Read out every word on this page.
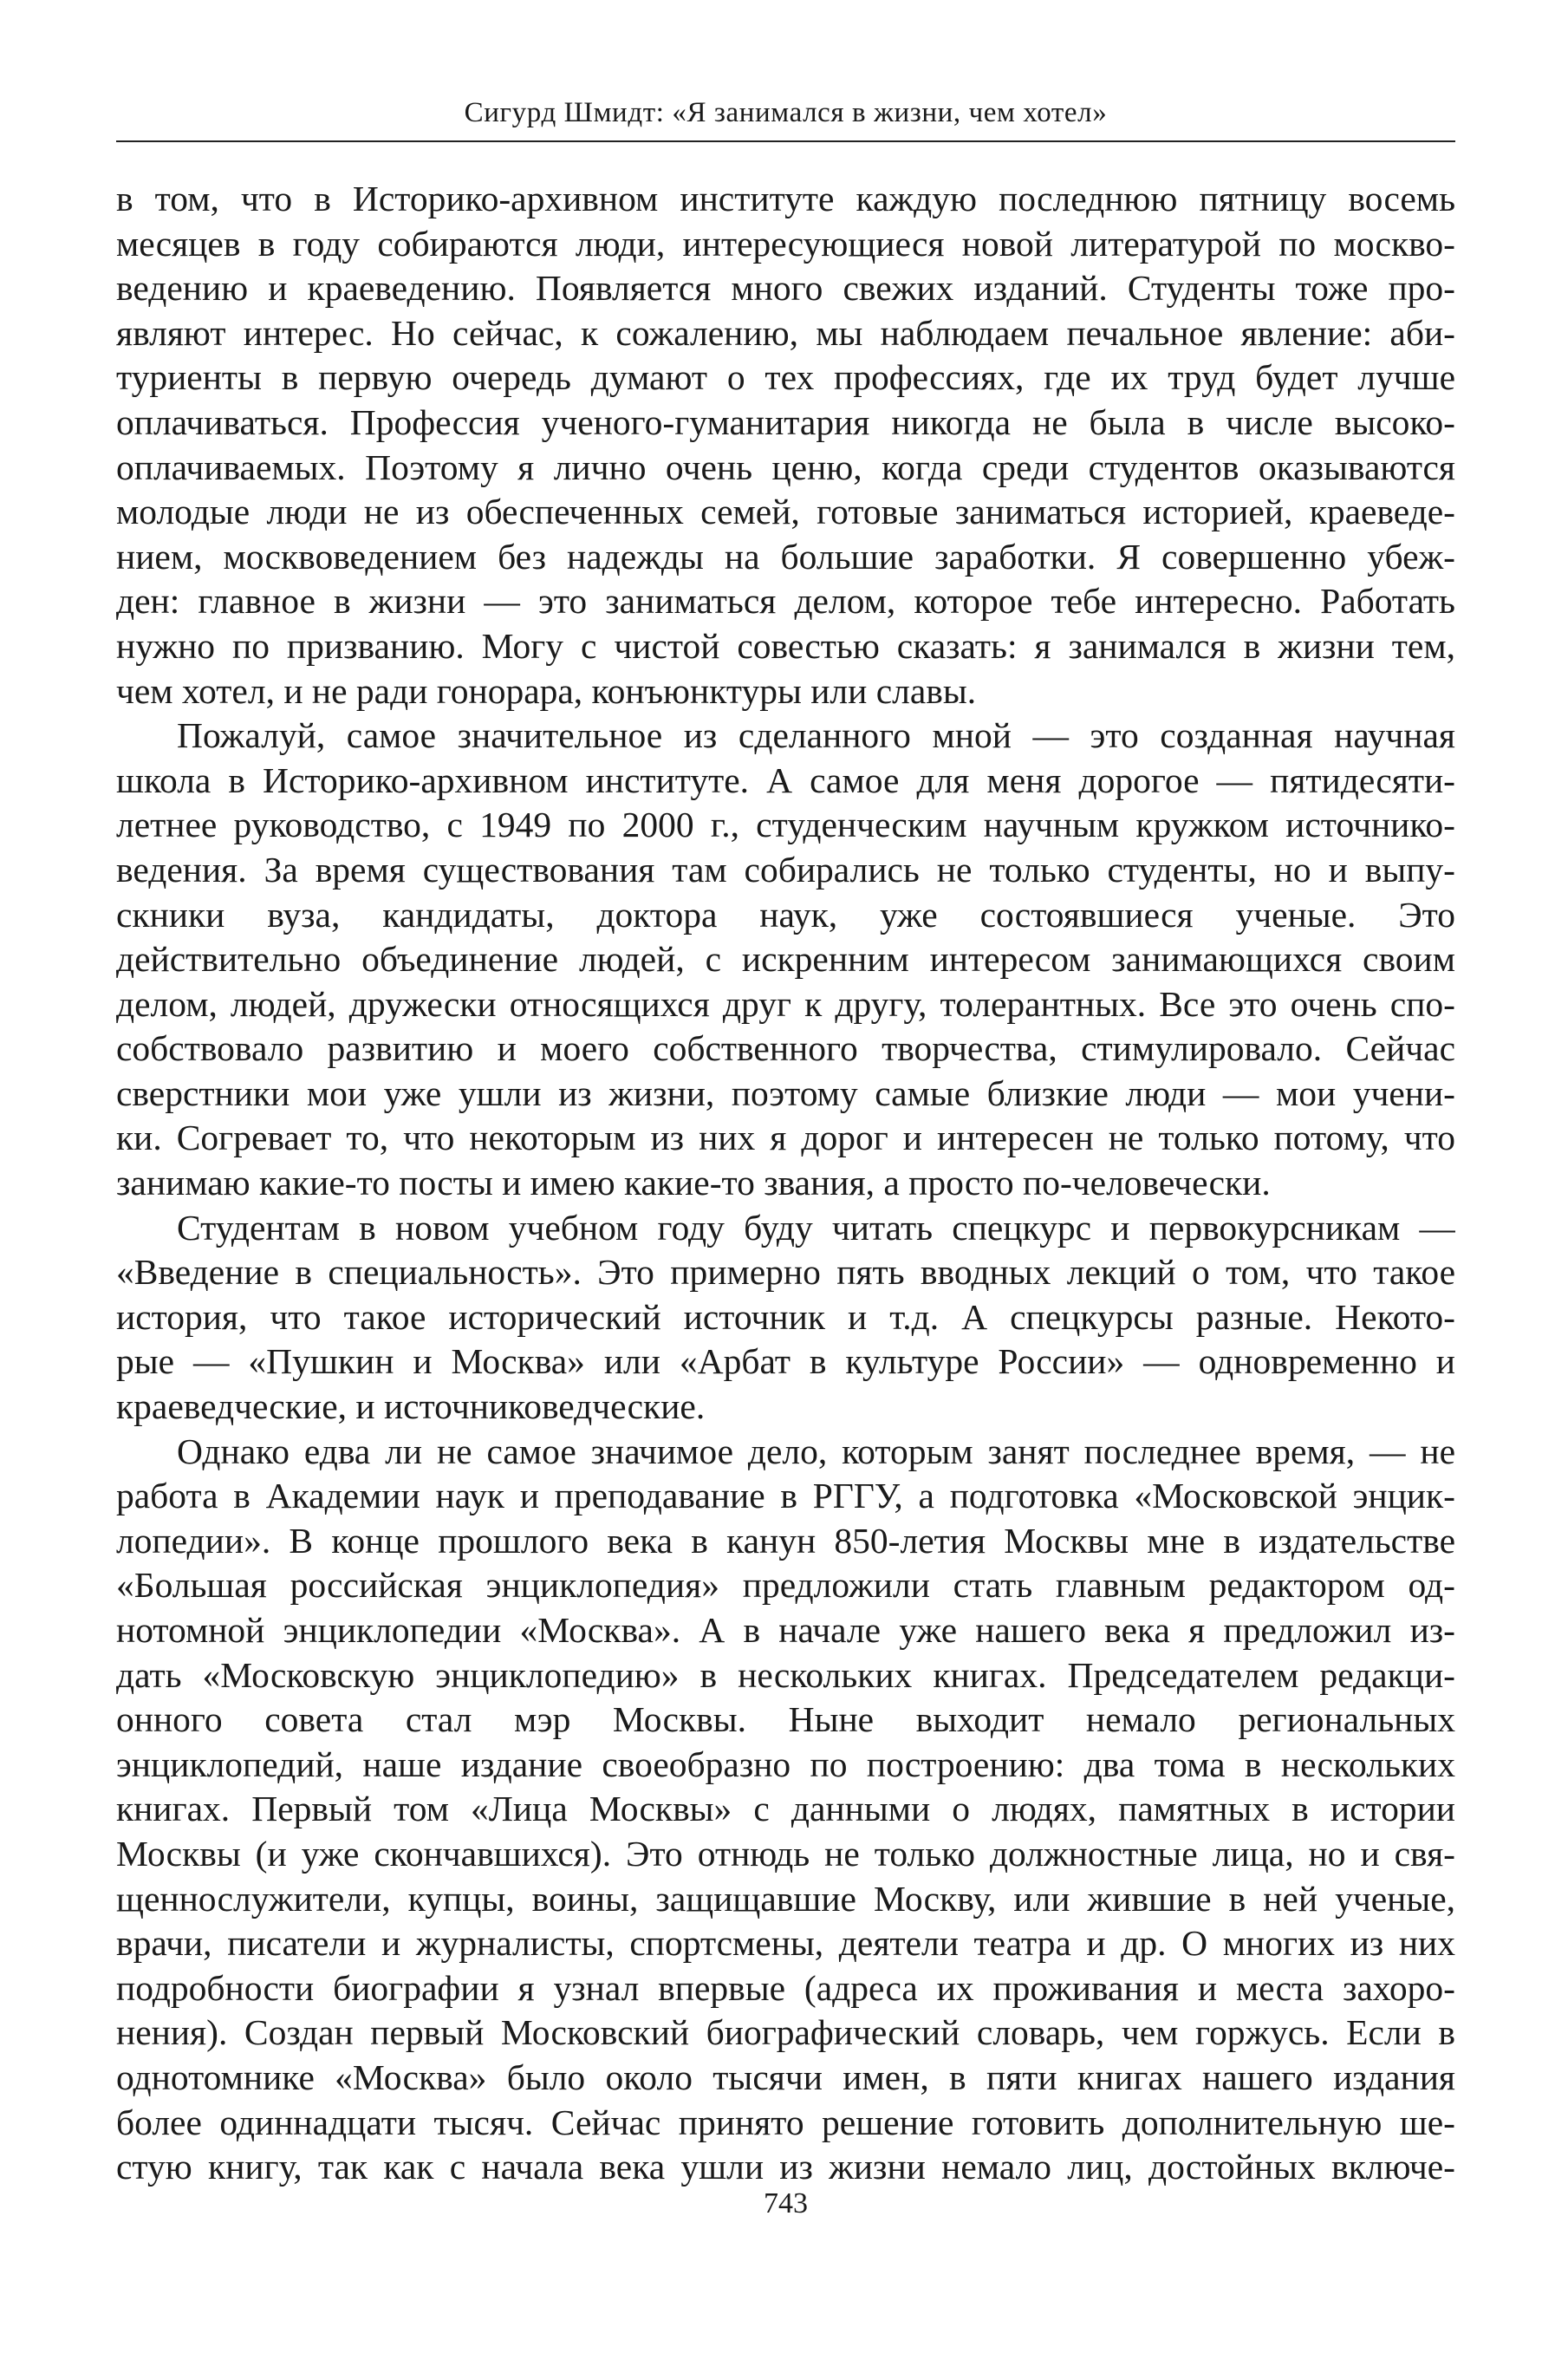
Сигурд Шмидт: «Я занимался в жизни, чем хотел»

в том, что в Историко-архивном институте каждую последнюю пятницу восемь
месяцев в году собираются люди, интересующиеся новой литературой по москво-
ведению и краеведению. Появляется много свежих изданий. Студенты тоже про-
являют интерес. Но сейчас, к сожалению, мы наблюдаем печальное явление: аби-
туриенты в первую очередь думают о тех профессиях, где их труд будет лучше
оплачиваться. Профессия ученого-гуманитария никогда не была в числе высоко-
оплачиваемых. Поэтому я лично очень ценю, когда среди студентов оказываются
молодые люди не из обеспеченных семей, готовые заниматься историей, краеведе-
нием, москвоведением без надежды на большие заработки. Я совершенно убеж-
ден: главное в жизни — это заниматься делом, которое тебе интересно. Работать
нужно по призванию. Могу с чистой совестью сказать: я занимался в жизни тем,
чем хотел, и не ради гонорара, конъюнктуры или славы.

Пожалуй, самое значительное из сделанного мной — это созданная научная
школа в Историко-архивном институте. А самое для меня дорогое — пятидесяти-
летнее руководство, с 1949 по 2000 г., студенческим научным кружком источнико-
ведения. За время существования там собирались не только студенты, но и выпу-
скники вуза, кандидаты, доктора наук, уже состоявшиеся ученые. Это
действительно объединение людей, с искренним интересом занимающихся своим
делом, людей, дружески относящихся друг к другу, толерантных. Все это очень спо-
собствовало развитию и моего собственного творчества, стимулировало. Сейчас
сверстники мои уже ушли из жизни, поэтому самые близкие люди — мои учени-
ки. Согревает то, что некоторым из них я дорог и интересен не только потому, что
занимаю какие-то посты и имею какие-то звания, а просто по-человечески.

Студентам в новом учебном году буду читать спецкурс и первокурсникам —
«Введение в специальность». Это примерно пять вводных лекций о том, что такое
история, что такое исторический источник и т.д. А спецкурсы разные. Некото-
рые — «Пушкин и Москва» или «Арбат в культуре России» — одновременно и
краеведческие, и источниковедческие.

Однако едва ли не самое значимое дело, которым занят последнее время, — не
работа в Академии наук и преподавание в РГГУ, а подготовка «Московской энцик-
лопедии». В конце прошлого века в канун 850-летия Москвы мне в издательстве
«Большая российская энциклопедия» предложили стать главным редактором од-
нотомной энциклопедии «Москва». А в начале уже нашего века я предложил из-
дать «Московскую энциклопедию» в нескольких книгах. Председателем редакци-
онного совета стал мэр Москвы. Ныне выходит немало региональных
энциклопедий, наше издание своеобразно по построению: два тома в нескольких
книгах. Первый том «Лица Москвы» с данными о людях, памятных в истории
Москвы (и уже скончавшихся). Это отнюдь не только должностные лица, но и свя-
щеннослужители, купцы, воины, защищавшие Москву, или жившие в ней ученые,
врачи, писатели и журналисты, спортсмены, деятели театра и др. О многих из них
подробности биографии я узнал впервые (адреса их проживания и места захоро-
нения). Создан первый Московский биографический словарь, чем горжусь. Если в
однотомнике «Москва» было около тысячи имен, в пяти книгах нашего издания
более одиннадцати тысяч. Сейчас принято решение готовить дополнительную ше-
стую книгу, так как с начала века ушли из жизни немало лиц, достойных включе-

743
